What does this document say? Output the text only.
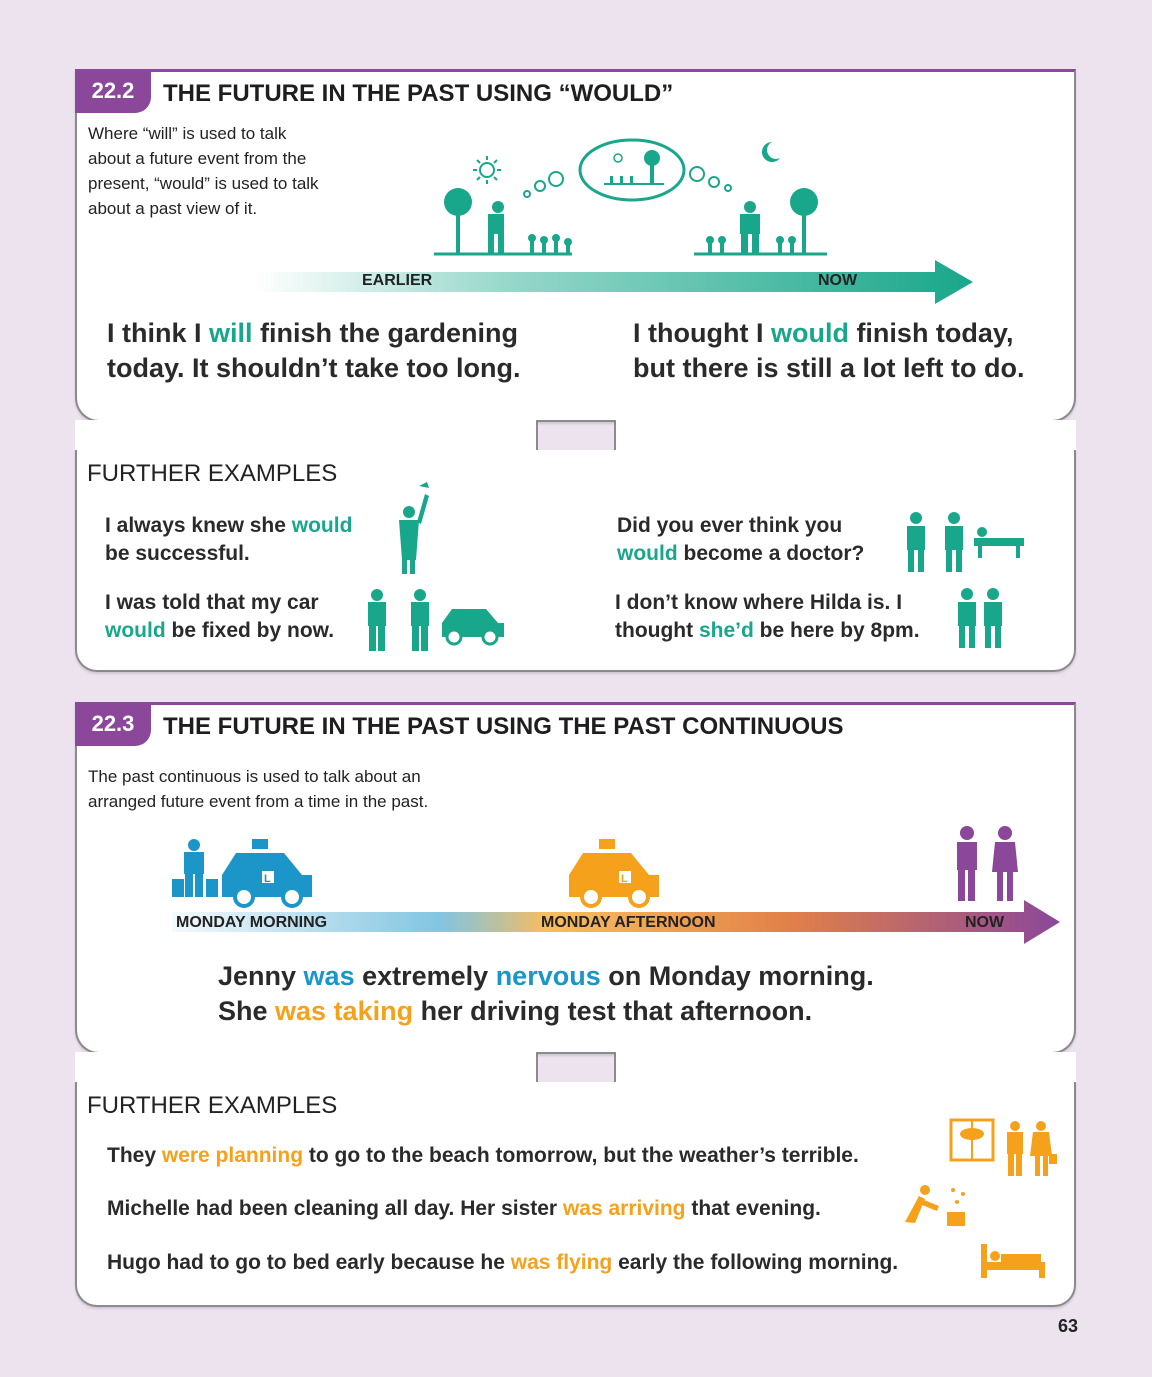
22.2	THE FUTURE IN THE PAST USING “WOULD”
Where “will” is used to talk
about a future event from the
present, “would” is used to talk
about a past view of it.
EARLIER	NOW
I think I will finish the gardening
today. It shouldn’t take too long.
I thought I would finish today,
but there is still a lot left to do.
FURTHER EXAMPLES
I always knew she would
be successful.
I was told that my car
would be fixed by now.
Did you ever think you
would become a doctor?
I don’t know where Hilda is. I
thought she’d be here by 8pm.
22.3	THE FUTURE IN THE PAST USING THE PAST CONTINUOUS
The past continuous is used to talk about an
arranged future event from a time in the past.
L	L
MONDAY MORNING	MONDAY AFTERNOON	NOW
Jenny was extremely nervous on Monday morning.
She was taking her driving test that afternoon.
FURTHER EXAMPLES
They were planning to go to the beach tomorrow, but the weather’s terrible.
Michelle had been cleaning all day. Her sister was arriving that evening.
Hugo had to go to bed early because he was flying early the following morning.
63
